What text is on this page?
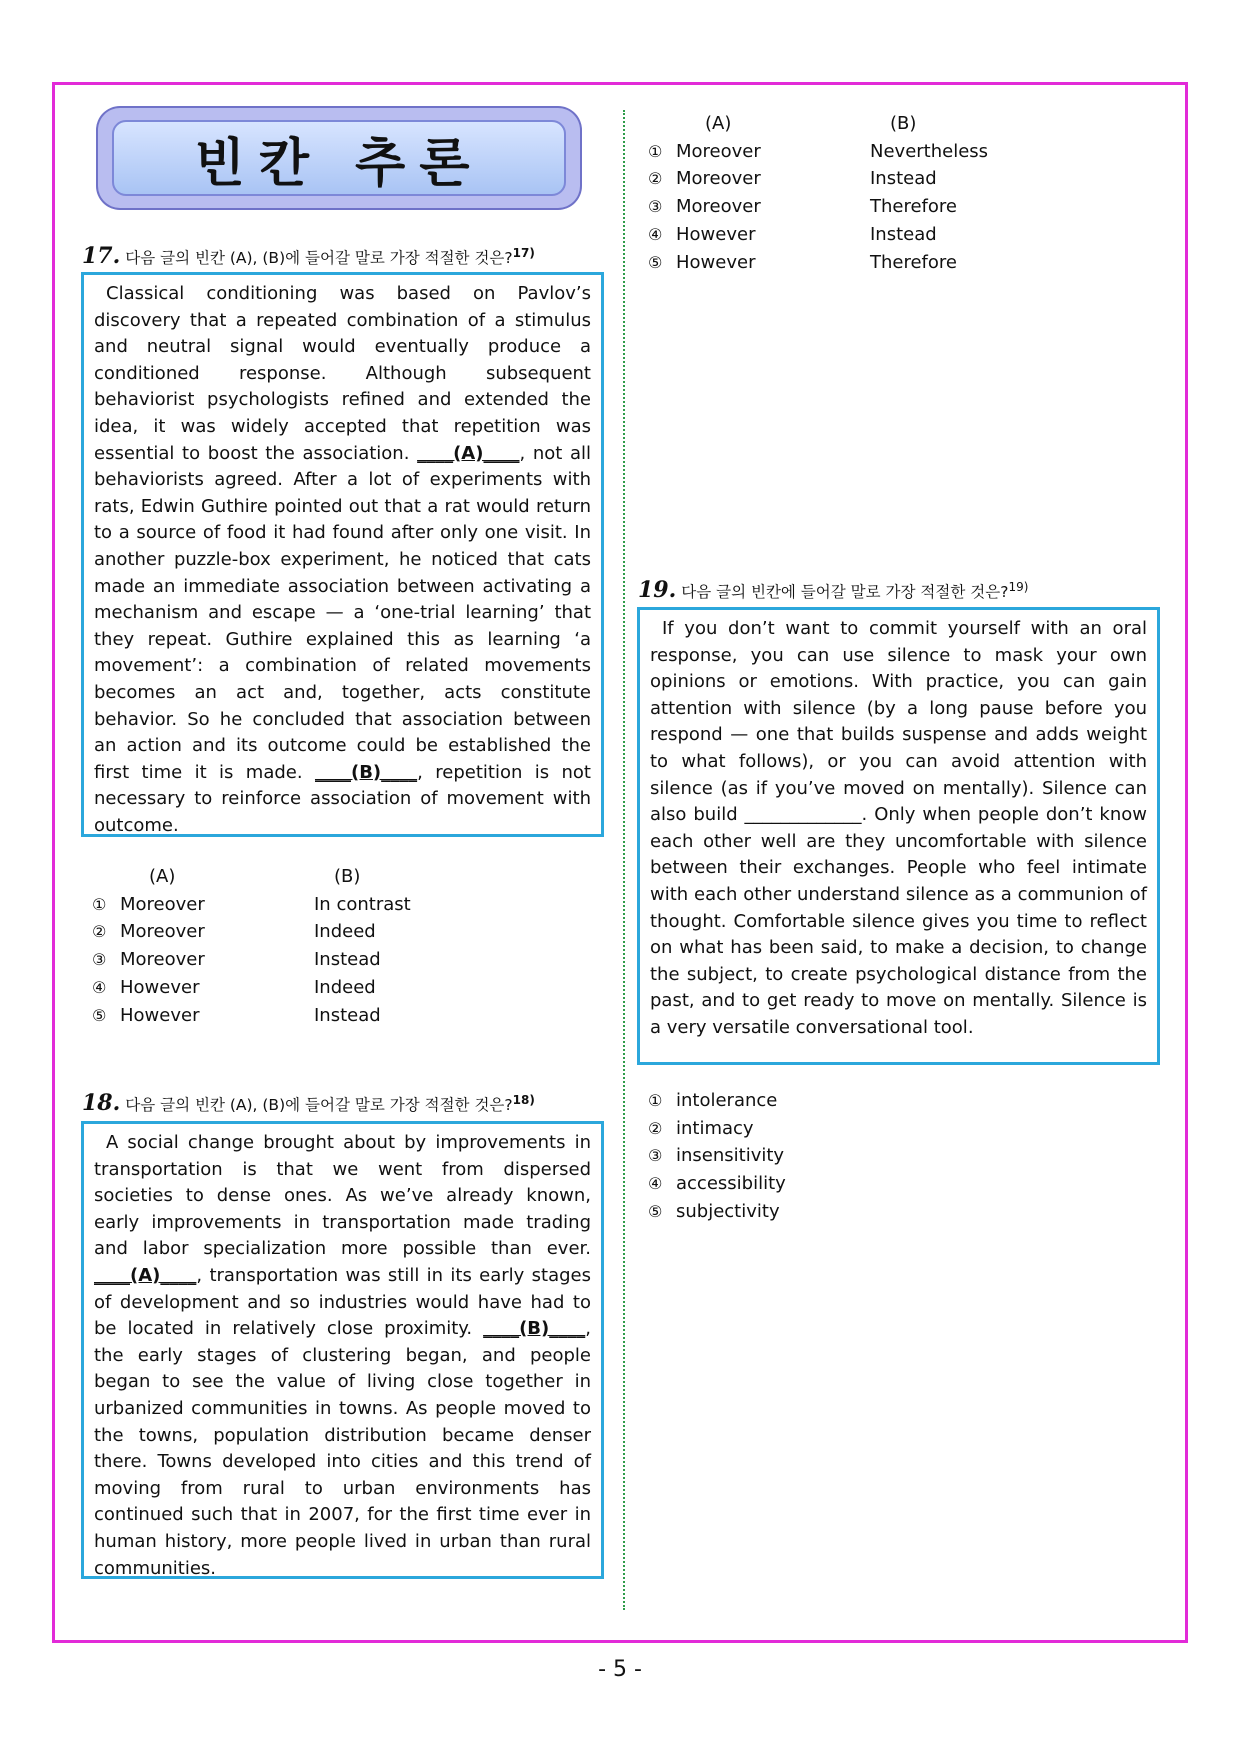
빈칸 추론
17. 다음 글의 빈칸 (A), (B)에 들어갈 말로 가장 적절한 것은?$^{17)}$

Classical conditioning was based on Pavlov’s discovery that a repeated combination of a stimulus and neutral signal would eventually produce a conditioned response. Although subsequent behaviorist psychologists refined and extended the idea, it was widely accepted that repetition was essential to boost the association. ____(A)____, not all behaviorists agreed. After a lot of experiments with rats, Edwin Guthire pointed out that a rat would return to a source of food it had found after only one visit. In another puzzle-box experiment, he noticed that cats made an immediate association between activating a mechanism and escape — a ‘one-trial learning’ that they repeat. Guthire explained this as learning ‘a movement’: a combination of related movements becomes an act and, together, acts constitute behavior. So he concluded that association between an action and its outcome could be established the first time it is made. ____(B)____, repetition is not necessary to reinforce association of movement with outcome.

(A)	(B)
① Moreover	In contrast
② Moreover	Indeed
③ Moreover	Instead
④ However	Indeed
⑤ However	Instead
18. 다음 글의 빈칸 (A), (B)에 들어갈 말로 가장 적절한 것은?$^{18)}$

A social change brought about by improvements in transportation is that we went from dispersed societies to dense ones. As we’ve already known, early improvements in transportation made trading and labor specialization more possible than ever. ____(A)____, transportation was still in its early stages of development and so industries would have had to be located in relatively close proximity. ____(B)____, the early stages of clustering began, and people began to see the value of living close together in urbanized communities in towns. As people moved to the towns, population distribution became denser there. Towns developed into cities and this trend of moving from rural to urban environments has continued such that in 2007, for the first time ever in human history, more people lived in urban than rural communities.

(A)	(B)
① Moreover	Nevertheless
② Moreover	Instead
③ Moreover	Therefore
④ However	Instead
⑤ However	Therefore
19. 다음 글의 빈칸에 들어갈 말로 가장 적절한 것은?$^{19)}$

If you don’t want to commit yourself with an oral response, you can use silence to mask your own opinions or emotions. With practice, you can gain attention with silence (by a long pause before you respond — one that builds suspense and adds weight to what follows), or you can avoid attention with silence (as if you’ve moved on mentally). Silence can also build _____________. Only when people don’t know each other well are they uncomfortable with silence between their exchanges. People who feel intimate with each other understand silence as a communion of thought. Comfortable silence gives you time to reflect on what has been said, to make a decision, to change the subject, to create psychological distance from the past, and to get ready to move on mentally. Silence is a very versatile conversational tool.

① intolerance
② intimacy
③ insensitivity
④ accessibility
⑤ subjectivity
- 5 -
